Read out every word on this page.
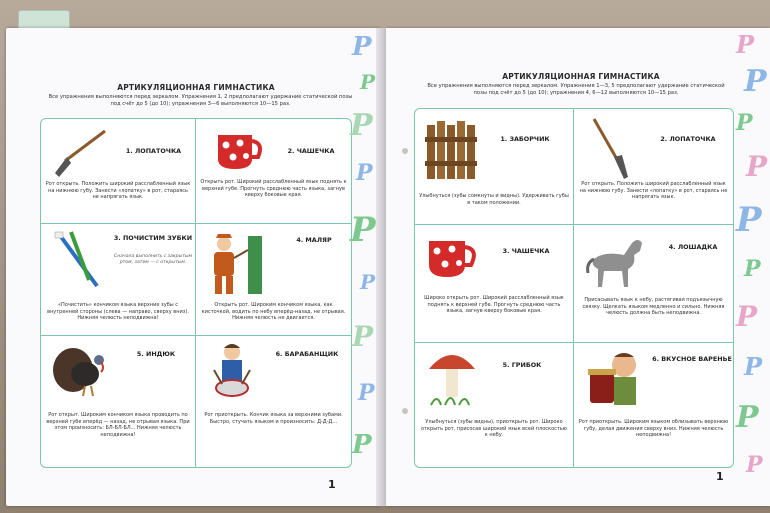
АРТИКУЛЯЦИОННАЯ ГИМНАСТИКА
Все упражнения выполняются перед зеркалом. Упражнения 1, 2 предполагают удержание статической позы под счёт до 5 (до 10); упражнения 3—6 выполняются 10—15 раз.
1. ЛОПАТОЧКА
Рот открыть. Положить широкий расслабленный язык на нижнюю губу. Занести «лопатку» в рот, стараясь не напрягать язык.
2. ЧАШЕЧКА
Открыть рот. Широкий расслабленный язык поднять к верхней губе. Прогнуть среднюю часть языка, загнув кверху боковые края.
3. ПОЧИСТИМ ЗУБКИ
Сначала выполнить с закрытым ртом, затем — с открытым.
«Почистить» кончиком языка верхние зубы с внутренней стороны (слева — направо, сверху вниз). Нижняя челюсть неподвижна!
4. МАЛЯР
Открыть рот. Широким кончиком языка, как кисточкой, водить по небу вперёд-назад, не отрывая. Нижняя челюсть не двигается.
5. ИНДЮК
Рот открыт. Широким кончиком языка проводить по верхней губе вперёд — назад, не отрывая языка. При этом произносить: БЛ-БЛ-БЛ... Нижняя челюсть неподвижна!
6. БАРАБАНЩИК
Рот приоткрыть. Кончик языка за верхними зубами. Быстро, стучать языком и произносить: Д-Д-Д...
1
Р
Р
Р
Р
Р
Р
Р
Р
Р
АРТИКУЛЯЦИОННАЯ ГИМНАСТИКА
Все упражнения выполняются перед зеркалом. Упражнения 1—3, 5 предполагают удержание статической позы под счёт до 5 (до 10); упражнения 4, 6—12 выполняются 10—15 раз.
1. ЗАБОРЧИК
Улыбнуться (зубы сомкнуты и видны). Удерживать губы в таком положении.
2. ЛОПАТОЧКА
Рот открыть. Положить широкий расслабленный язык на нижнюю губу. Занести «лопатку» в рот, стараясь не напрягать язык.
3. ЧАШЕЧКА
Широко открыть рот. Широкий расслабленный язык поднять к верхней губе. Прогнуть среднюю часть языка, загнув кверху боковые края.
4. ЛОШАДКА
Присасывать язык к небу, растягивая подъязычную связку. Щелкать языком медленно и сильно. Нижняя челюсть должна быть неподвижна.
5. ГРИБОК
Улыбнуться (зубы видны), приоткрыть рот. Широко открыть рот, присосав широкий язык всей плоскостью к небу.
6. ВКУСНОЕ ВАРЕНЬЕ
Рот приоткрыть. Широким языком облизывать верхнюю губу, делая движения сверху вниз. Нижняя челюсть неподвижна!
1
Р
Р
Р
Р
Р
Р
Р
Р
Р
Р
